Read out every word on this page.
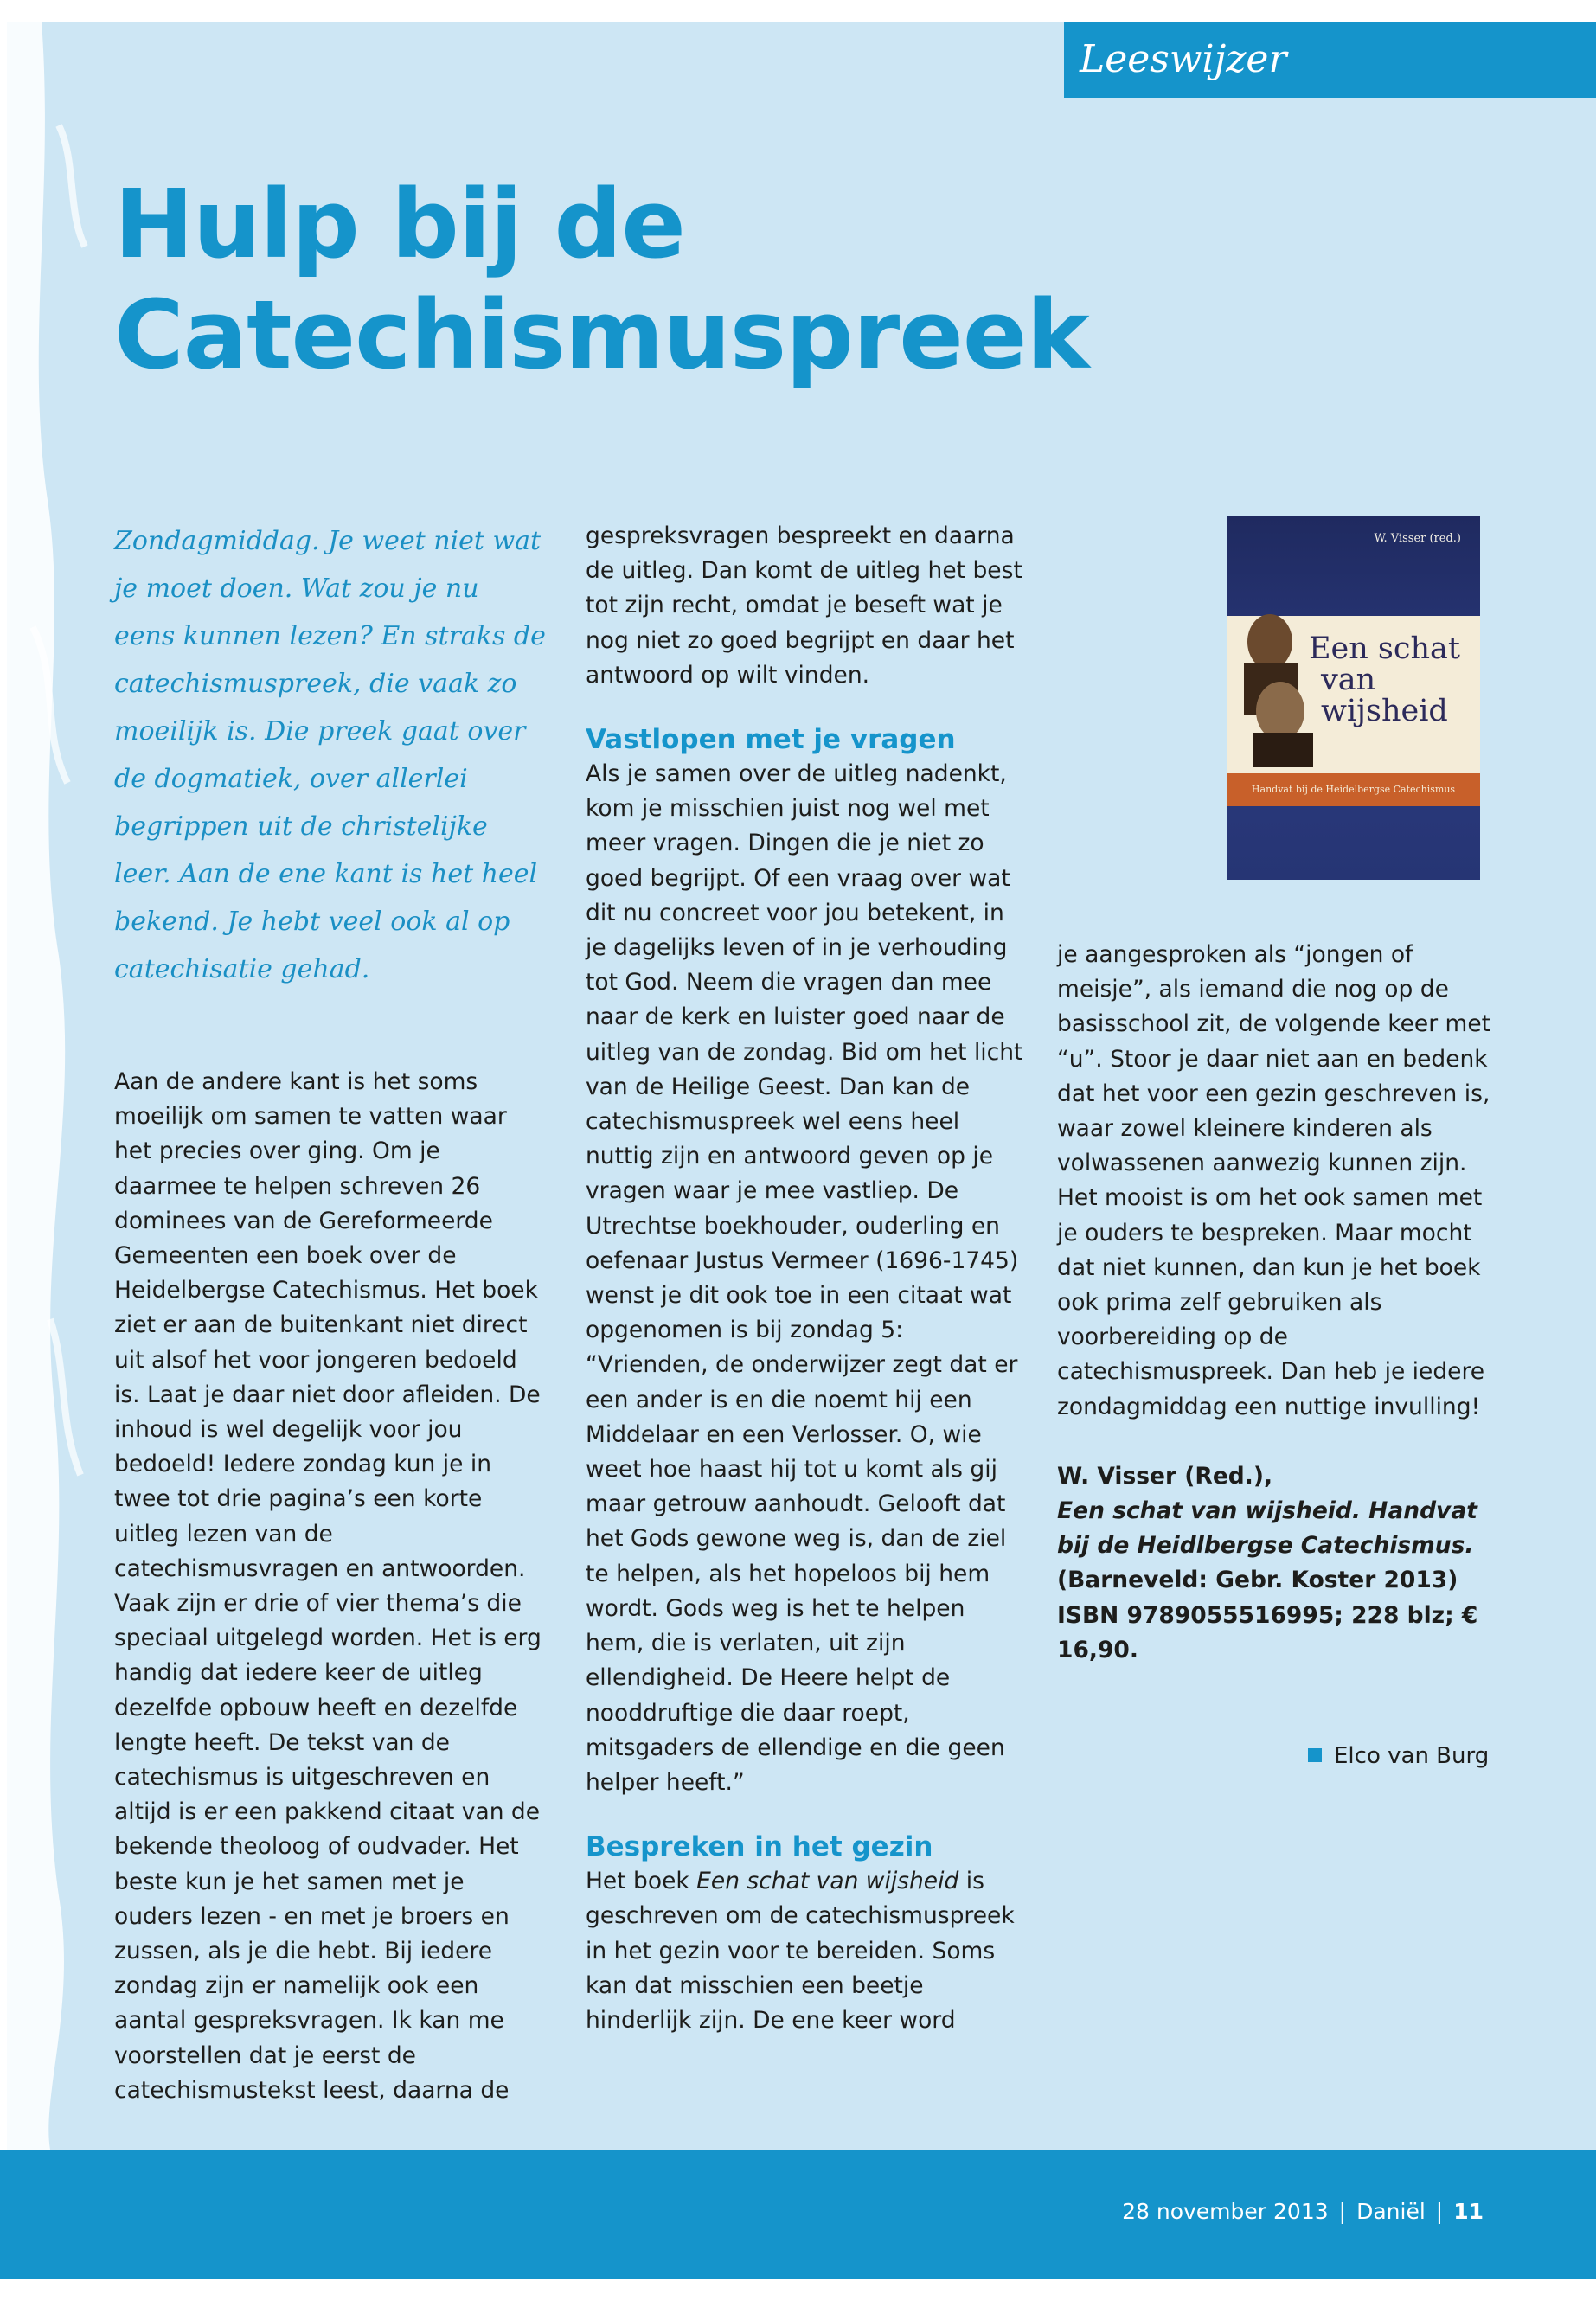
Leeswijzer
Hulp bij de
Catechismuspreek

Zondagmiddag. Je weet niet wat je moet doen. Wat zou je nu eens kunnen lezen? En straks de catechismuspreek, die vaak zo moeilijk is. Die preek gaat over de dogmatiek, over allerlei begrippen uit de christelijke leer. Aan de ene kant is het heel bekend. Je hebt veel ook al op catechisatie gehad.

Aan de andere kant is het soms moeilijk om samen te vatten waar het precies over ging. Om je daarmee te helpen schreven 26 dominees van de Gereformeerde Gemeenten een boek over de Heidelbergse Catechismus. Het boek ziet er aan de buitenkant niet direct uit alsof het voor jongeren bedoeld is. Laat je daar niet door afleiden. De inhoud is wel degelijk voor jou bedoeld! Iedere zondag kun je in twee tot drie pagina’s een korte uitleg lezen van de catechismusvragen en antwoorden. Vaak zijn er drie of vier thema’s die speciaal uitgelegd worden. Het is erg handig dat iedere keer de uitleg dezelfde opbouw heeft en dezelfde lengte heeft. De tekst van de catechismus is uitgeschreven en altijd is er een pakkend citaat van de bekende theoloog of oudvader. Het beste kun je het samen met je ouders lezen - en met je broers en zussen, als je die hebt. Bij iedere zondag zijn er namelijk ook een aantal gespreksvragen. Ik kan me voorstellen dat je eerst de catechismustekst leest, daarna de

gespreksvragen bespreekt en daarna de uitleg. Dan komt de uitleg het best tot zijn recht, omdat je beseft wat je nog niet zo goed begrijpt en daar het antwoord op wilt vinden.

Vastlopen met je vragen

Als je samen over de uitleg nadenkt, kom je misschien juist nog wel met meer vragen. Dingen die je niet zo goed begrijpt. Of een vraag over wat dit nu concreet voor jou betekent, in je dagelijks leven of in je verhouding tot God. Neem die vragen dan mee naar de kerk en luister goed naar de uitleg van de zondag. Bid om het licht van de Heilige Geest. Dan kan de catechismuspreek wel eens heel nuttig zijn en antwoord geven op je vragen waar je mee vastliep. De Utrechtse boekhouder, ouderling en oefenaar Justus Vermeer (1696-1745) wenst je dit ook toe in een citaat wat opgenomen is bij zondag 5: “Vrienden, de onderwijzer zegt dat er een ander is en die noemt hij een Middelaar en een Verlosser. O, wie weet hoe haast hij tot u komt als gij maar getrouw aanhoudt. Gelooft dat het Gods gewone weg is, dan de ziel te helpen, als het hopeloos bij hem wordt. Gods weg is het te helpen hem, die is verlaten, uit zijn ellendigheid. De Heere helpt de nooddruftige die daar roept, mitsgaders de ellendige en die geen helper heeft.”

Bespreken in het gezin

Het boek Een schat van wijsheid is geschreven om de catechismuspreek in het gezin voor te bereiden. Soms kan dat misschien een beetje hinderlijk zijn. De ene keer word

W. Visser (red.)
Een schat
van
wijsheid
Handvat bij de Heidelbergse Catechismus

je aangesproken als “jongen of meisje”, als iemand die nog op de basisschool zit, de volgende keer met “u”. Stoor je daar niet aan en bedenk dat het voor een gezin geschreven is, waar zowel kleinere kinderen als volwassenen aanwezig kunnen zijn. Het mooist is om het ook samen met je ouders te bespreken. Maar mocht dat niet kunnen, dan kun je het boek ook prima zelf gebruiken als voorbereiding op de catechismuspreek. Dan heb je iedere zondagmiddag een nuttige invulling!

W. Visser (Red.),
Een schat van wijsheid. Handvat bij de Heidlbergse Catechismus. (Barneveld: Gebr. Koster 2013) ISBN 9789055516995; 228 blz; € 16,90.

Elco van Burg
28 november 2013 | Daniël | 11
